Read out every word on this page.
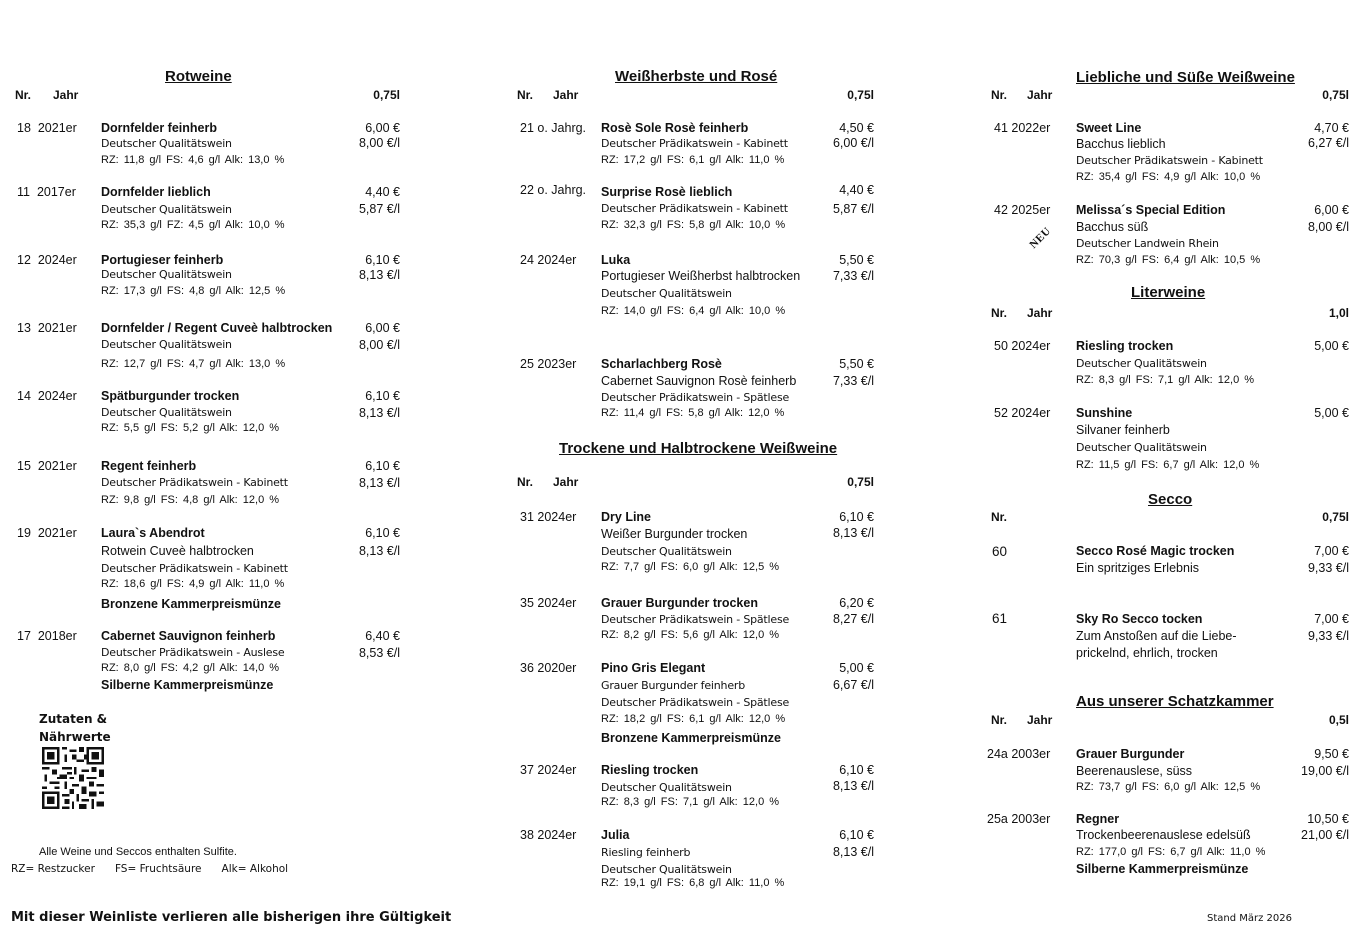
Rotweine
Nr. Jahr	0,75l
18 2021er Dornfelder feinherb
Deutscher Qualitätswein
RZ: 11,8 g/l FS: 4,6 g/l Alk: 13,0 %
6,00 €
8,00 €/l
11 2017er Dornfelder lieblich
Deutscher Qualitätswein
RZ: 35,3 g/l FZ: 4,5 g/l Alk: 10,0 %
4,40 €
5,87 €/l
12 2024er Portugieser feinherb
Deutscher Qualitätswein
RZ: 17,3 g/l FS: 4,8 g/l Alk: 12,5 %
6,10 €
8,13 €/l
13 2021er Dornfelder / Regent Cuveè halbtrocken
Deutscher Qualitätswein
RZ: 12,7 g/l FS: 4,7 g/l Alk: 13,0 %
6,00 €
8,00 €/l
14 2024er Spätburgunder trocken
Deutscher Qualitätswein
RZ: 5,5 g/l FS: 5,2 g/l Alk: 12,0 %
6,10 €
8,13 €/l
15 2021er Regent feinherb
Deutscher Prädikatswein - Kabinett
RZ: 9,8 g/l FS: 4,8 g/l Alk: 12,0 %
6,10 €
8,13 €/l
19 2021er Laura`s Abendrot
Rotwein Cuveè halbtrocken
Deutscher Prädikatswein - Kabinett
RZ: 18,6 g/l FS: 4,9 g/l Alk: 11,0 %
Bronzene Kammerpreismünze
6,10 €
8,13 €/l
17 2018er Cabernet Sauvignon feinherb
Deutscher Prädikatswein - Auslese
RZ: 8,0 g/l FS: 4,2 g/l Alk: 14,0 %
Silberne Kammerpreismünze
6,40 €
8,53 €/l
Zutaten &
Nährwerte
Alle Weine und Seccos enthalten Sulfite.
RZ= Restzucker      FS= Fruchtsäure      Alk= Alkohol
Mit dieser Weinliste verlieren alle bisherigen ihre Gültigkeit
Weißherbste und Rosé
Nr. Jahr	0,75l
21 o. Jahrg. Rosè Sole Rosè feinherb
Deutscher Prädikatswein - Kabinett
RZ: 17,2 g/l FS: 6,1 g/l Alk: 11,0 %
4,50 €
6,00 €/l
22 o. Jahrg. Surprise Rosè lieblich
Deutscher Prädikatswein - Kabinett
RZ: 32,3 g/l FS: 5,8 g/l Alk: 10,0 %
4,40 €
5,87 €/l
24 2024er Luka
Portugieser Weißherbst halbtrocken
Deutscher Qualitätswein
RZ: 14,0 g/l FS: 6,4 g/l Alk: 10,0 %
5,50 €
7,33 €/l
25 2023er Scharlachberg Rosè
Cabernet Sauvignon Rosè feinherb
Deutscher Prädikatswein - Spätlese
RZ: 11,4 g/l FS: 5,8 g/l Alk: 12,0 %
5,50 €
7,33 €/l
Trockene und Halbtrockene Weißweine
Nr. Jahr	0,75l
31 2024er Dry Line
Weißer Burgunder trocken
Deutscher Qualitätswein
RZ: 7,7 g/l FS: 6,0 g/l Alk: 12,5 %
6,10 €
8,13 €/l
35 2024er Grauer Burgunder trocken
Deutscher Prädikatswein - Spätlese
RZ: 8,2 g/l FS: 5,6 g/l Alk: 12,0 %
6,20 €
8,27 €/l
36 2020er Pino Gris Elegant
Grauer Burgunder feinherb
Deutscher Prädikatswein - Spätlese
RZ: 18,2 g/l FS: 6,1 g/l Alk: 12,0 %
Bronzene Kammerpreismünze
5,00 €
6,67 €/l
37 2024er Riesling trocken
Deutscher Qualitätswein
RZ: 8,3 g/l FS: 7,1 g/l Alk: 12,0 %
6,10 €
8,13 €/l
38 2024er Julia
Riesling feinherb
Deutscher Qualitätswein
RZ: 19,1 g/l FS: 6,8 g/l Alk: 11,0 %
6,10 €
8,13 €/l
Liebliche und Süße Weißweine
Nr. Jahr	0,75l
41 2022er Sweet Line
Bacchus lieblich
Deutscher Prädikatswein - Kabinett
RZ: 35,4 g/l FS: 4,9 g/l Alk: 10,0 %
4,70 €
6,27 €/l
42 2025er
NEU
Melissa´s Special Edition
Bacchus süß
Deutscher Landwein Rhein
RZ: 70,3 g/l FS: 6,4 g/l Alk: 10,5 %
6,00 €
8,00 €/l
Literweine
Nr. Jahr	1,0l
50 2024er Riesling trocken
Deutscher Qualitätswein
RZ: 8,3 g/l FS: 7,1 g/l Alk: 12,0 %
5,00 €
52 2024er Sunshine
Silvaner feinherb
Deutscher Qualitätswein
RZ: 11,5 g/l FS: 6,7 g/l Alk: 12,0 %
5,00 €
Secco
Nr.	0,75l
60	Secco Rosé Magic trocken
Ein spritziges Erlebnis
7,00 €
9,33 €/l
61	Sky Ro Secco tocken
Zum Anstoßen auf die Liebe-
prickelnd, ehrlich, trocken
7,00 €
9,33 €/l
Aus unserer Schatzkammer
Nr. Jahr	0,5l
24a 2003er Grauer Burgunder
Beerenauslese, süss
RZ: 73,7 g/l FS: 6,0 g/l Alk: 12,5 %
9,50 €
19,00 €/l
25a 2003er Regner
Trockenbeerenauslese edelsüß
RZ: 177,0 g/l FS: 6,7 g/l Alk: 11,0 %
Silberne Kammerpreismünze
10,50 €
21,00 €/l
Stand März 2026
